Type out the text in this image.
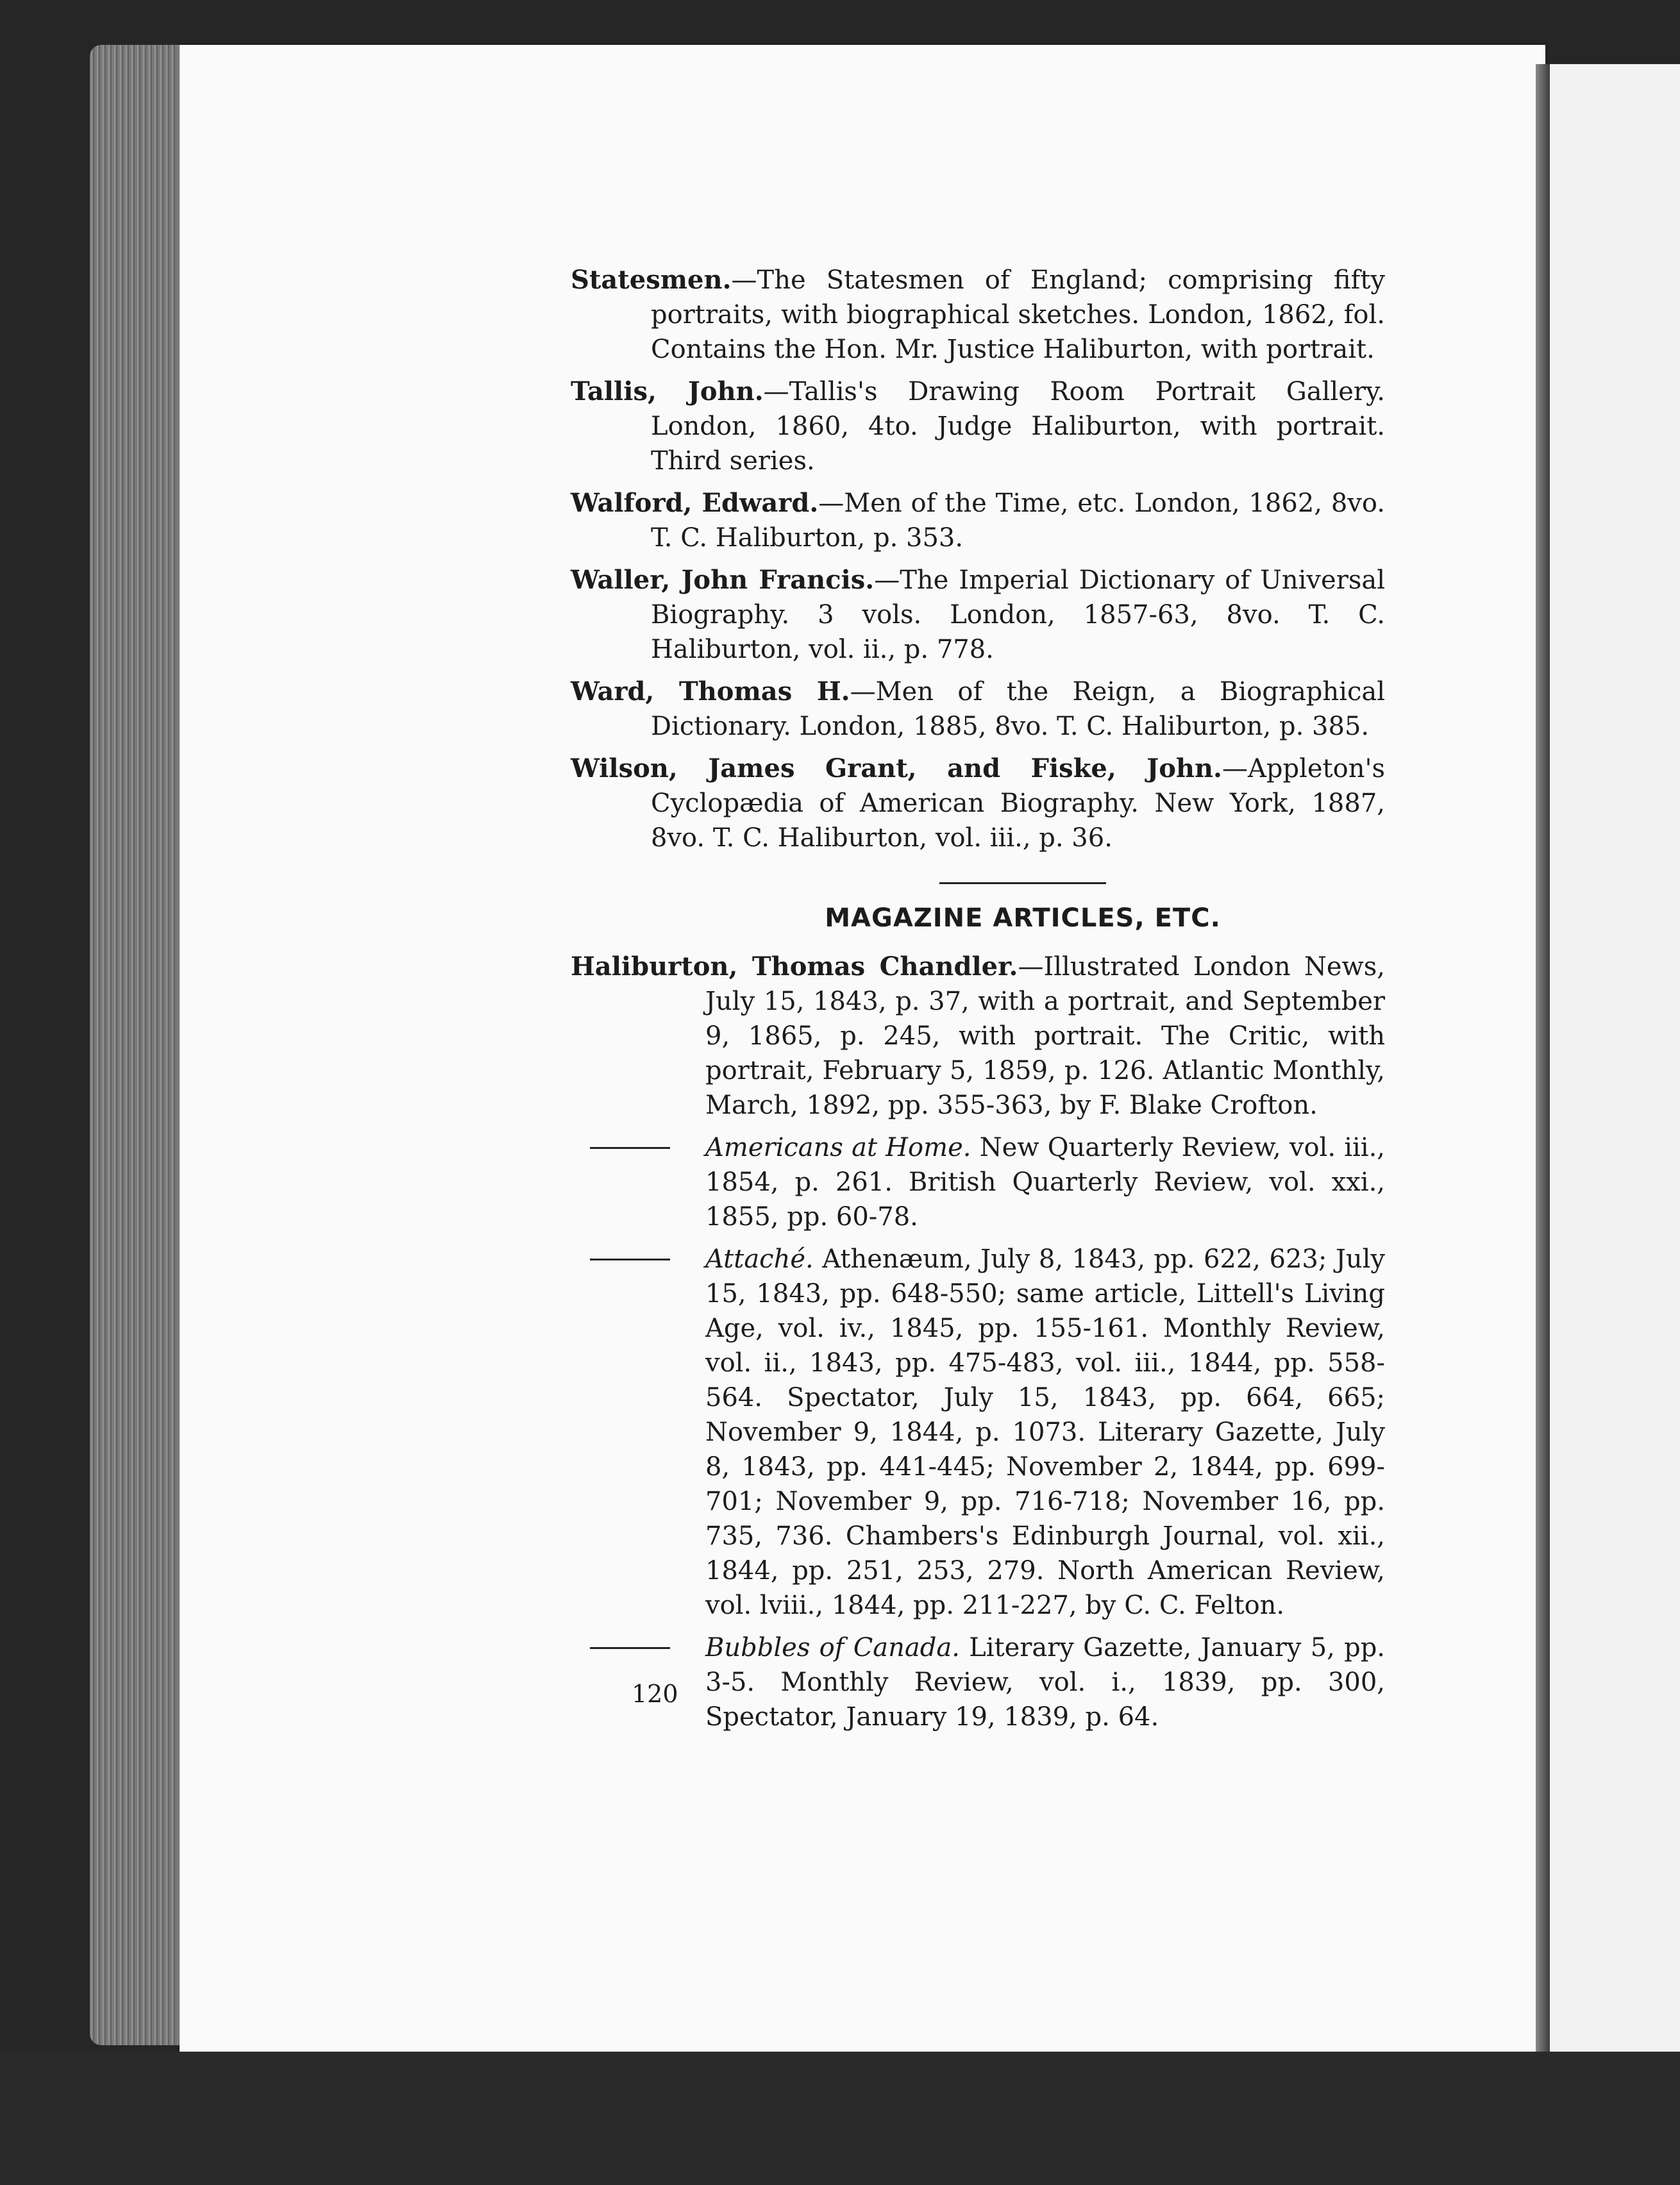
Statesmen.—The Statesmen of England; comprising fifty portraits, with biographical sketches. London, 1862, fol. Contains the Hon. Mr. Justice Haliburton, with portrait.

Tallis, John.—Tallis's Drawing Room Portrait Gallery. London, 1860, 4to. Judge Haliburton, with portrait. Third series.

Walford, Edward.—Men of the Time, etc. London, 1862, 8vo. T. C. Haliburton, p. 353.

Waller, John Francis.—The Imperial Dictionary of Universal Biography. 3 vols. London, 1857-63, 8vo. T. C. Haliburton, vol. ii., p. 778.

Ward, Thomas H.—Men of the Reign, a Biographical Dictionary. London, 1885, 8vo. T. C. Haliburton, p. 385.

Wilson, James Grant, and Fiske, John.—Appleton's Cyclopædia of American Biography. New York, 1887, 8vo. T. C. Haliburton, vol. iii., p. 36.

MAGAZINE ARTICLES, ETC.

Haliburton, Thomas Chandler.—Illustrated London News, July 15, 1843, p. 37, with a portrait, and September 9, 1865, p. 245, with portrait. The Critic, with portrait, February 5, 1859, p. 126. Atlantic Monthly, March, 1892, pp. 355-363, by F. Blake Crofton.

Americans at Home. New Quarterly Review, vol. iii., 1854, p. 261. British Quarterly Review, vol. xxi., 1855, pp. 60-78.

Attaché. Athenæum, July 8, 1843, pp. 622, 623; July 15, 1843, pp. 648-550; same article, Littell's Living Age, vol. iv., 1845, pp. 155-161. Monthly Review, vol. ii., 1843, pp. 475-483, vol. iii., 1844, pp. 558-564. Spectator, July 15, 1843, pp. 664, 665; November 9, 1844, p. 1073. Literary Gazette, July 8, 1843, pp. 441-445; November 2, 1844, pp. 699-701; November 9, pp. 716-718; November 16, pp. 735, 736. Chambers's Edinburgh Journal, vol. xii., 1844, pp. 251, 253, 279. North American Review, vol. lviii., 1844, pp. 211-227, by C. C. Felton.

Bubbles of Canada. Literary Gazette, January 5, pp. 3-5. Monthly Review, vol. i., 1839, pp. 300, Spectator, January 19, 1839, p. 64.

120
